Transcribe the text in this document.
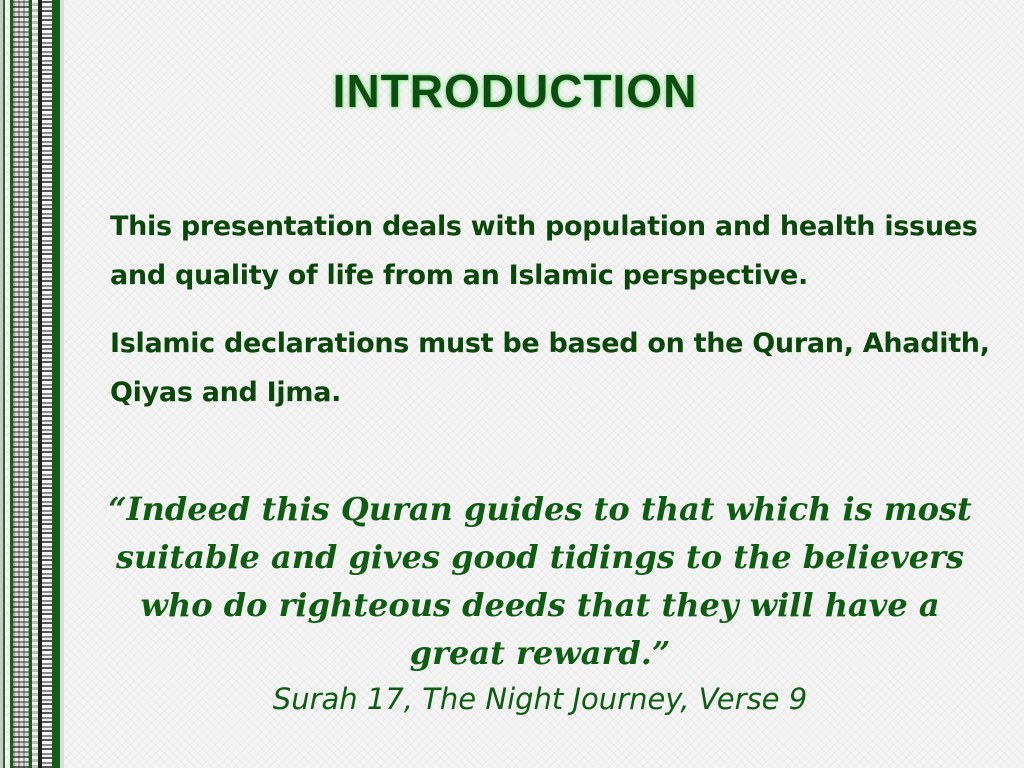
INTRODUCTION

This presentation deals with population and health issues and quality of life from an Islamic perspective.

Islamic declarations must be based on the Quran, Ahadith, Qiyas and Ijma.

“Indeed this Quran guides to that which is most
suitable and gives good tidings to the believers
who do righteous deeds that they will have a
great reward.”

Surah 17, The Night Journey, Verse 9
